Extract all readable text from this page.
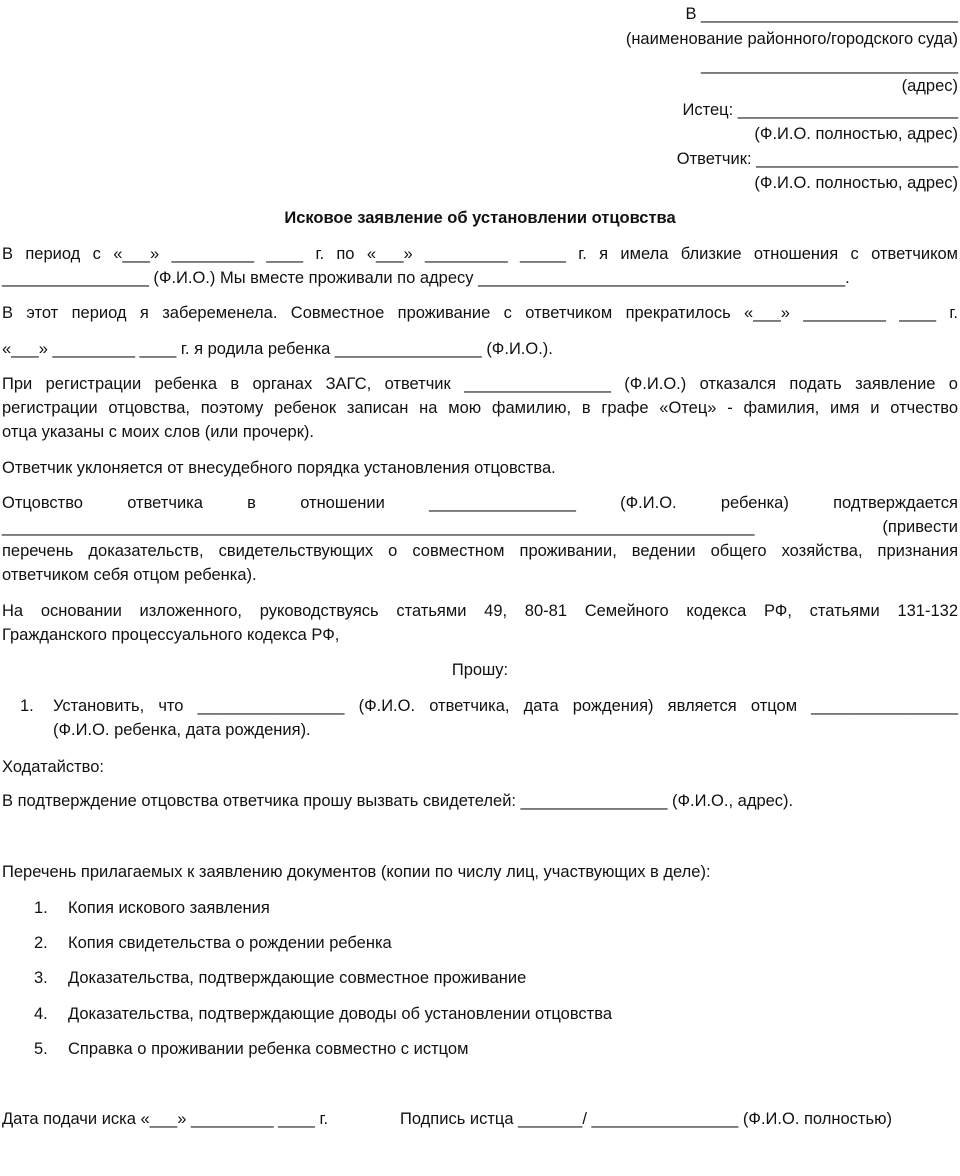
В ____________________________
(наименование районного/городского суда)
____________________________
(адрес)
Истец: ________________________
(Ф.И.О. полностью, адрес)
Ответчик: ______________________
(Ф.И.О. полностью, адрес)
Исковое заявление об установлении отцовства
В период с «___» _________ ____ г. по «___» _________ _____ г. я имела близкие отношения с ответчиком
________________ (Ф.И.О.) Мы вместе проживали по адресу ________________________________________.
В этот период я забеременела. Совместное проживание с ответчиком прекратилось «___» _________ ____ г.
«___» _________ ____ г. я родила ребенка ________________ (Ф.И.О.).
При регистрации ребенка в органах ЗАГС, ответчик ________________ (Ф.И.О.) отказался подать заявление о
регистрации отцовства, поэтому ребенок записан на мою фамилию, в графе «Отец» - фамилия, имя и отчество
отца указаны с моих слов (или прочерк).
Ответчик уклоняется от внесудебного порядка установления отцовства.
Отцовство ответчика в отношении ________________ (Ф.И.О. ребенка) подтверждается
__________________________________________________________________________________ (привести
перечень доказательств, свидетельствующих о совместном проживании, ведении общего хозяйства, признания
ответчиком себя отцом ребенка).
На основании изложенного, руководствуясь статьями 49, 80-81 Семейного кодекса РФ, статьями 131-132
Гражданского процессуального кодекса РФ,
Прошу:
1. Установить, что ________________ (Ф.И.О. ответчика, дата рождения) является отцом ________________
(Ф.И.О. ребенка, дата рождения).
Ходатайство:
В подтверждение отцовства ответчика прошу вызвать свидетелей: ________________ (Ф.И.О., адрес).
Перечень прилагаемых к заявлению документов (копии по числу лиц, участвующих в деле):
1. Копия искового заявления
2. Копия свидетельства о рождении ребенка
3. Доказательства, подтверждающие совместное проживание
4. Доказательства, подтверждающие доводы об установлении отцовства
5. Справка о проживании ребенка совместно с истцом
Дата подачи иска «___» _________ ____ г.	Подпись истца _______/ ________________ (Ф.И.О. полностью)
